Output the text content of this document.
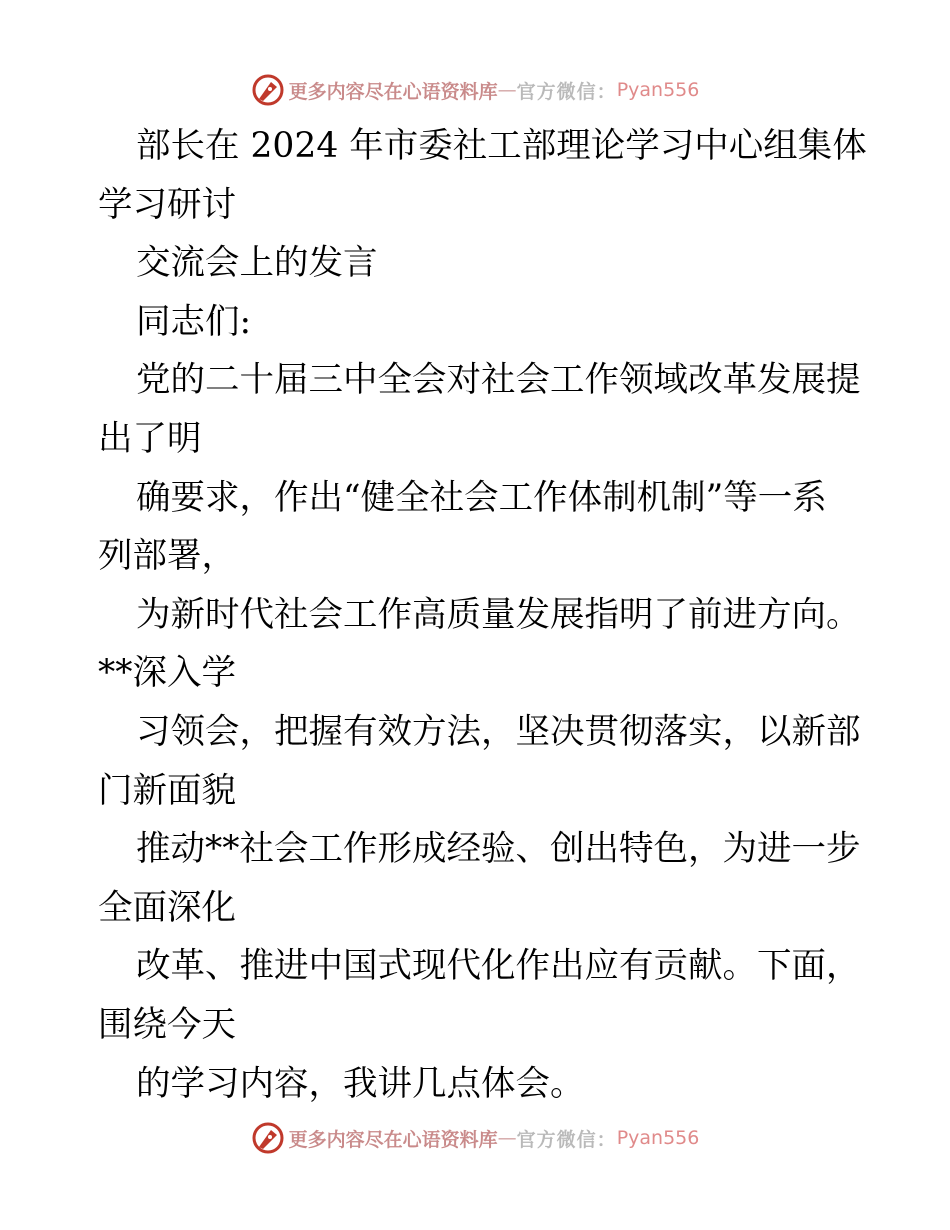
更多内容尽在心语资料库 — 官方微信： Pyan556
部长在 2024 年市委社工部理论学习中心组集体
学习研讨
交流会上的发言
同志们:
党的二十届三中全会对社会工作领域改革发展提
出了明
确要求，作出“健全社会工作体制机制”等一系
列部署，
为新时代社会工作高质量发展指明了前进方向。
**深入学
习领会，把握有效方法，坚决贯彻落实，以新部
门新面貌
推动**社会工作形成经验、创出特色，为进一步
全面深化
改革、推进中国式现代化作出应有贡献。下面，
围绕今天
的学习内容，我讲几点体会。
更多内容尽在心语资料库 — 官方微信： Pyan556
